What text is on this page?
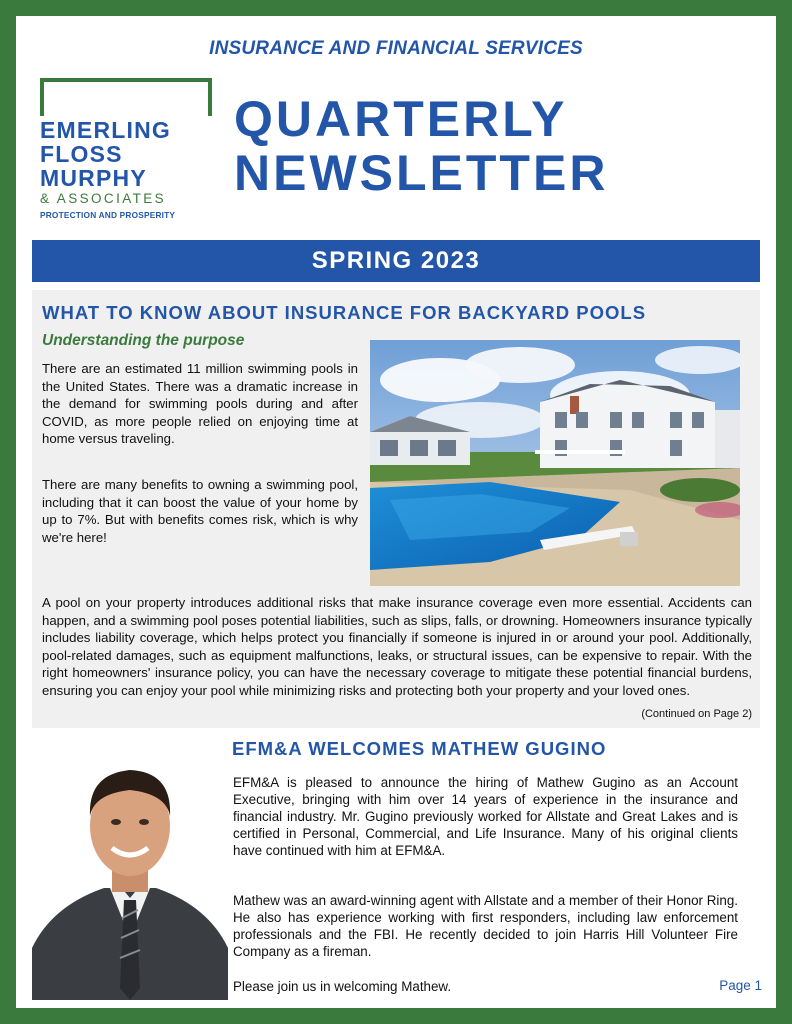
INSURANCE AND FINANCIAL SERVICES
EMERLING
FLOSS
MURPHY
& ASSOCIATES
PROTECTION AND PROSPERITY
QUARTERLY
NEWSLETTER
SPRING 2023
WHAT TO KNOW ABOUT INSURANCE FOR BACKYARD POOLS
Understanding the purpose
There are an estimated 11 million swimming pools in the United States. There was a dramatic increase in the demand for swimming pools during and after COVID, as more people relied on enjoying time at home versus traveling.
There are many benefits to owning a swimming pool, including that it can boost the value of your home by up to 7%. But with benefits comes risk, which is why we're here!
A pool on your property introduces additional risks that make insurance coverage even more essential. Accidents can happen, and a swimming pool poses potential liabilities, such as slips, falls, or drowning. Homeowners insurance typically includes liability coverage, which helps protect you financially if someone is injured in or around your pool. Additionally, pool-related damages, such as equipment malfunctions, leaks, or structural issues, can be expensive to repair. With the right homeowners' insurance policy, you can have the necessary coverage to mitigate these potential financial burdens, ensuring you can enjoy your pool while minimizing risks and protecting both your property and your loved ones.
(Continued on Page 2)
EFM&A WELCOMES MATHEW GUGINO
EFM&A is pleased to announce the hiring of Mathew Gugino as an Account Executive, bringing with him over 14 years of experience in the insurance and financial industry. Mr. Gugino previously worked for Allstate and Great Lakes and is certified in Personal, Commercial, and Life Insurance. Many of his original clients have continued with him at EFM&A.
Mathew was an award-winning agent with Allstate and a member of their Honor Ring. He also has experience working with first responders, including law enforcement professionals and the FBI. He recently decided to join Harris Hill Volunteer Fire Company as a fireman.
Please join us in welcoming Mathew.	Page 1
